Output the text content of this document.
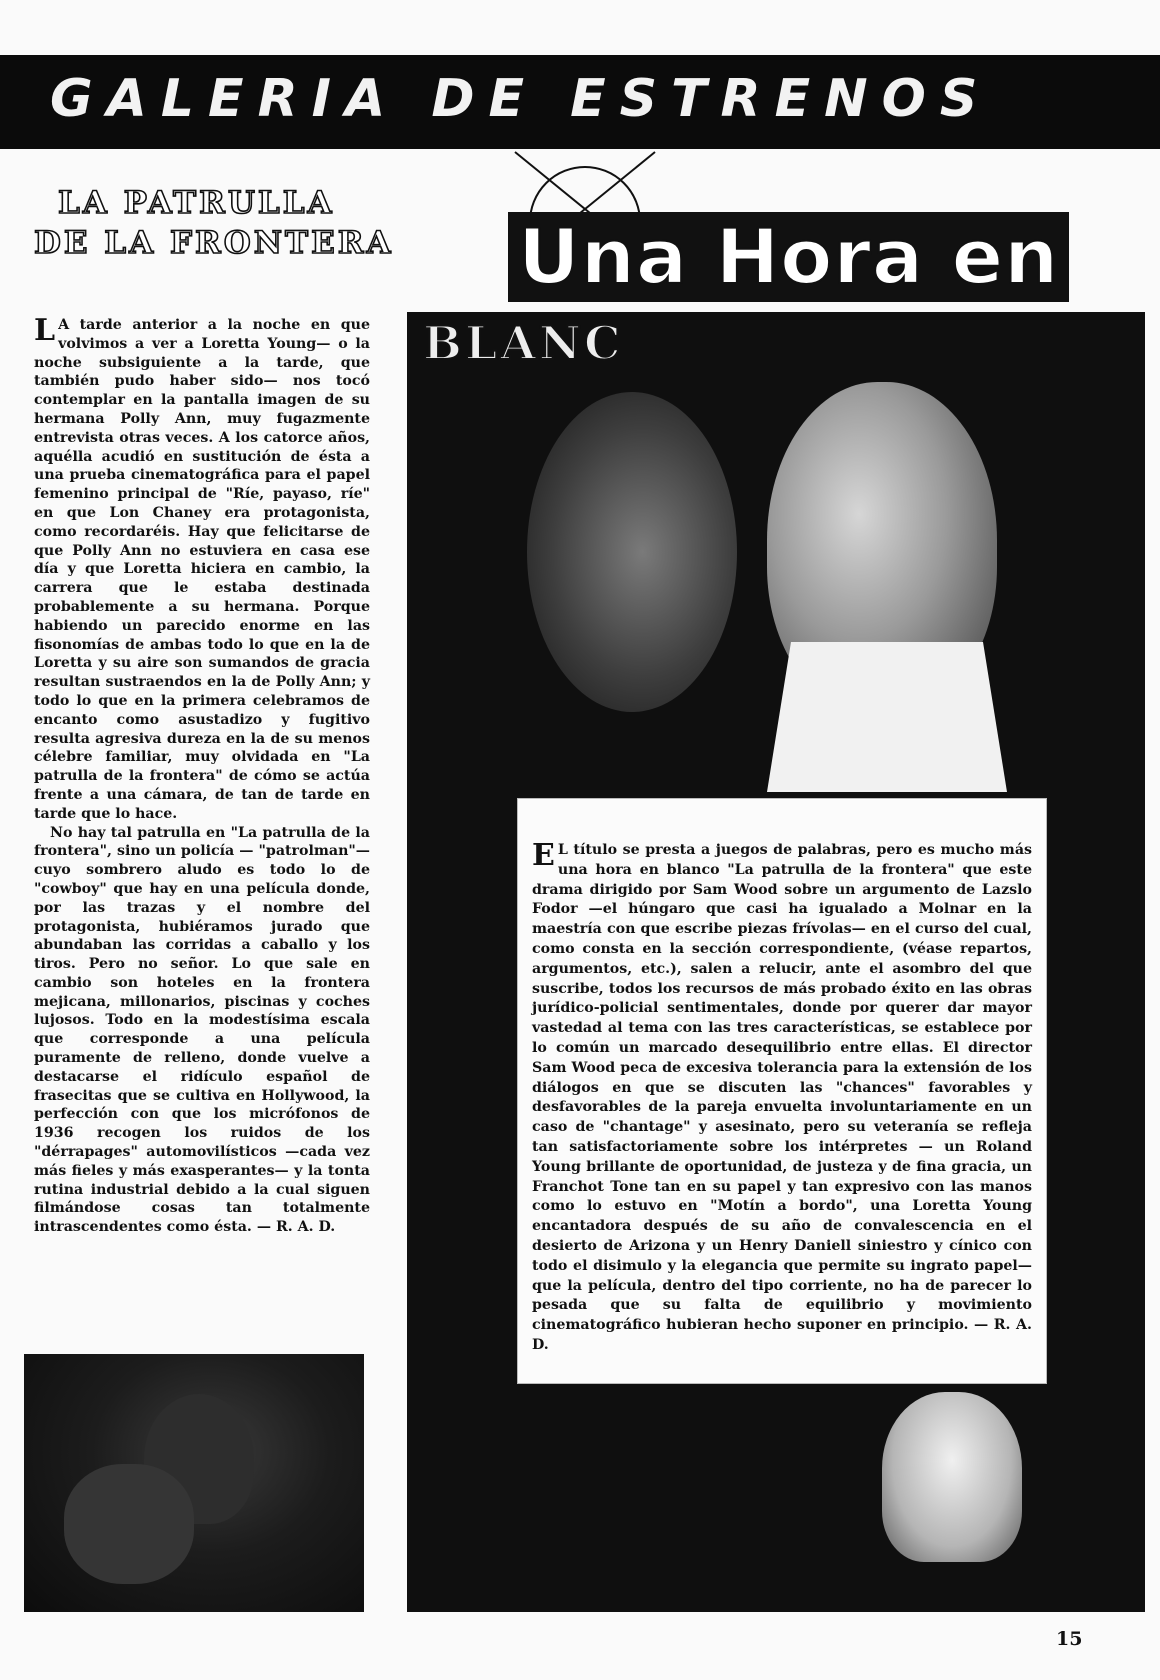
GALERIA DE ESTRENOS
LA PATRULLA
DE LA FRONTERA

L A tarde anterior a la noche en que volvimos a ver a Loretta Young— o la noche subsiguiente a la tarde, que también pudo haber sido— nos tocó contemplar en la pantalla imagen de su hermana Polly Ann, muy fugazmente entrevista otras veces. A los catorce años, aquélla acudió en sustitución de ésta a una prueba cinematográfica para el papel femenino principal de "Ríe, payaso, ríe" en que Lon Chaney era protagonista, como recordaréis. Hay que felicitarse de que Polly Ann no estuviera en casa ese día y que Loretta hiciera en cambio, la carrera que le estaba destinada probablemente a su hermana. Porque habiendo un parecido enorme en las fisonomías de ambas todo lo que en la de Loretta y su aire son sumandos de gracia resultan sustraendos en la de Polly Ann; y todo lo que en la primera celebramos de encanto como asustadizo y fugitivo resulta agresiva dureza en la de su menos célebre familiar, muy olvidada en "La patrulla de la frontera" de cómo se actúa frente a una cámara, de tan de tarde en tarde que lo hace.

No hay tal patrulla en "La patrulla de la frontera", sino un policía — "patrolman"— cuyo sombrero aludo es todo lo de "cowboy" que hay en una película donde, por las trazas y el nombre del protagonista, hubiéramos jurado que abundaban las corridas a caballo y los tiros. Pero no señor. Lo que sale en cambio son hoteles en la frontera mejicana, millonarios, piscinas y coches lujosos. Todo en la modestísima escala que corresponde a una película puramente de relleno, donde vuelve a destacarse el ridículo español de frasecitas que se cultiva en Hollywood, la perfección con que los micrófonos de 1936 recogen los ruidos de los "dérrapages" automovilísticos —cada vez más fieles y más exasperantes— y la tonta rutina industrial debido a la cual siguen filmándose cosas tan totalmente intrascendentes como ésta. — R. A. D.

Una Hora en
BLANC

E L título se presta a juegos de palabras, pero es mucho más una hora en blanco "La patrulla de la frontera" que este drama dirigido por Sam Wood sobre un argumento de Lazslo Fodor —el húngaro que casi ha igualado a Molnar en la maestría con que escribe piezas frívolas— en el curso del cual, como consta en la sección correspondiente, (véase repartos, argumentos, etc.), salen a relucir, ante el asombro del que suscribe, todos los recursos de más probado éxito en las obras jurídico-policial sentimentales, donde por querer dar mayor vastedad al tema con las tres características, se establece por lo común un marcado desequilibrio entre ellas. El director Sam Wood peca de excesiva tolerancia para la extensión de los diálogos en que se discuten las "chances" favorables y desfavorables de la pareja envuelta involuntariamente en un caso de "chantage" y asesinato, pero su veteranía se refleja tan satisfactoriamente sobre los intérpretes — un Roland Young brillante de oportunidad, de justeza y de fina gracia, un Franchot Tone tan en su papel y tan expresivo con las manos como lo estuvo en "Motín a bordo", una Loretta Young encantadora después de su año de convalescencia en el desierto de Arizona y un Henry Daniell siniestro y cínico con todo el disimulo y la elegancia que permite su ingrato papel— que la película, dentro del tipo corriente, no ha de parecer lo pesada que su falta de equilibrio y movimiento cinematográfico hubieran hecho suponer en principio. — R. A. D.

15
